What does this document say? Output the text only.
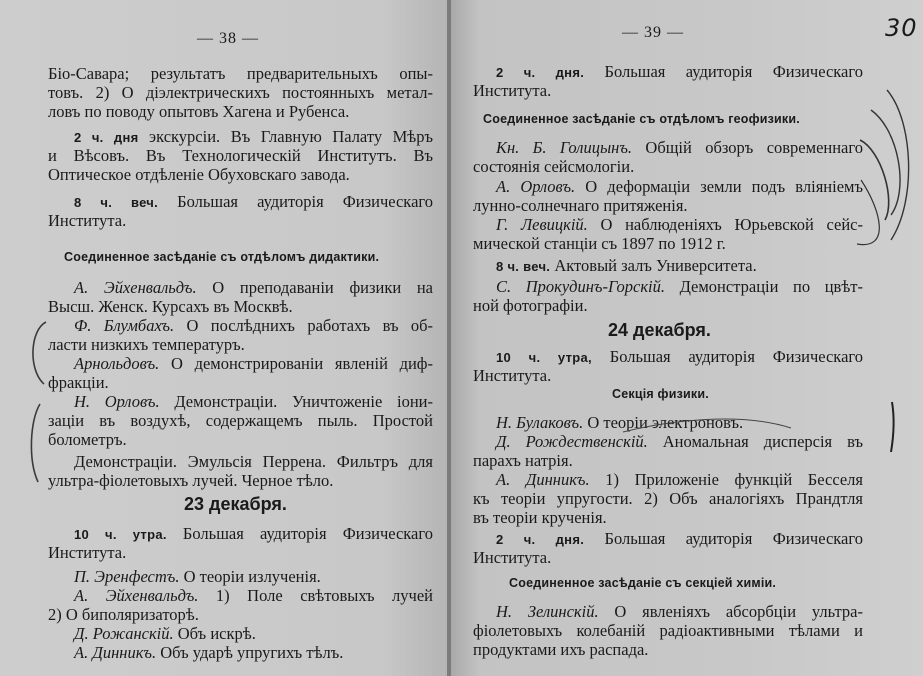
— 38 —
Біо-Савара; результатъ предварительныхъ опы-
товъ. 2) О діэлектрическихъ постоянныхъ метал-
ловъ по поводу опытовъ Хагена и Рубенса.
2 ч. дня экскурсіи. Въ Главную Палату Мѣръ
и Вѣсовъ. Въ Технологическій Институтъ. Въ
Оптическое отдѣленіе Обуховскаго завода.
8 ч. веч. Большая аудиторія Физическаго
Института.
Соединенное засѣданіе съ отдѣломъ дидактики.
А. Эйхенвальдъ. О преподаваніи физики на
Высш. Женск. Курсахъ въ Москвѣ.
Ф. Блумбахъ. О послѣднихъ работахъ въ об-
ласти низкихъ температуръ.
Арнольдовъ. О демонстрированіи явленій диф-
фракціи.
Н. Орловъ. Демонстраціи. Уничтоженіе іони-
заціи въ воздухѣ, содержащемъ пыль. Простой
болометръ.
Демонстраціи. Эмульсія Перрена. Фильтръ для
ультра-фіолетовыхъ лучей. Черное тѣло.
23 декабря.
10 ч. утра. Большая аудиторія Физическаго
Института.
П. Эренфестъ. О теоріи излученія.
А. Эйхенвальдъ. 1) Поле свѣтовыхъ лучей
2) О биполяризаторѣ.
Д. Рожанскій. Объ искрѣ.
А. Динникъ. Объ ударѣ упругихъ тѣлъ.
— 39 —	30
2 ч. дня. Большая аудиторія Физическаго
Института.
Соединенное засѣданіе съ отдѣломъ геофизики.
Кн. Б. Голицынъ. Общій обзоръ современнаго
состоянія сейсмологіи.
А. Орловъ. О деформаціи земли подъ вліяніемъ
лунно-солнечнаго притяженія.
Г. Левицкій. О наблюденіяхъ Юрьевской сейс-
мической станціи съ 1897 по 1912 г.
8 ч. веч. Актовый залъ Университета.
С. Прокудинъ-Горскій. Демонстраціи по цвѣт-
ной фотографіи.
24 декабря.
10 ч. утра, Большая аудиторія Физическаго
Института.
Секція физики.
Н. Булаковъ. О теоріи электроновъ.
Д. Рождественскій. Аномальная дисперсія въ
парахъ натрія.
А. Динникъ. 1) Приложеніе функцій Бесселя
къ теоріи упругости. 2) Объ аналогіяхъ Прандтля
въ теоріи крученія.
2 ч. дня. Большая аудиторія Физическаго
Института.
Соединенное засѣданіе съ секціей химіи.
Н. Зелинскій. О явленіяхъ абсорбціи ультра-
фіолетовыхъ колебаній радіоактивными тѣлами и
продуктами ихъ распада.
